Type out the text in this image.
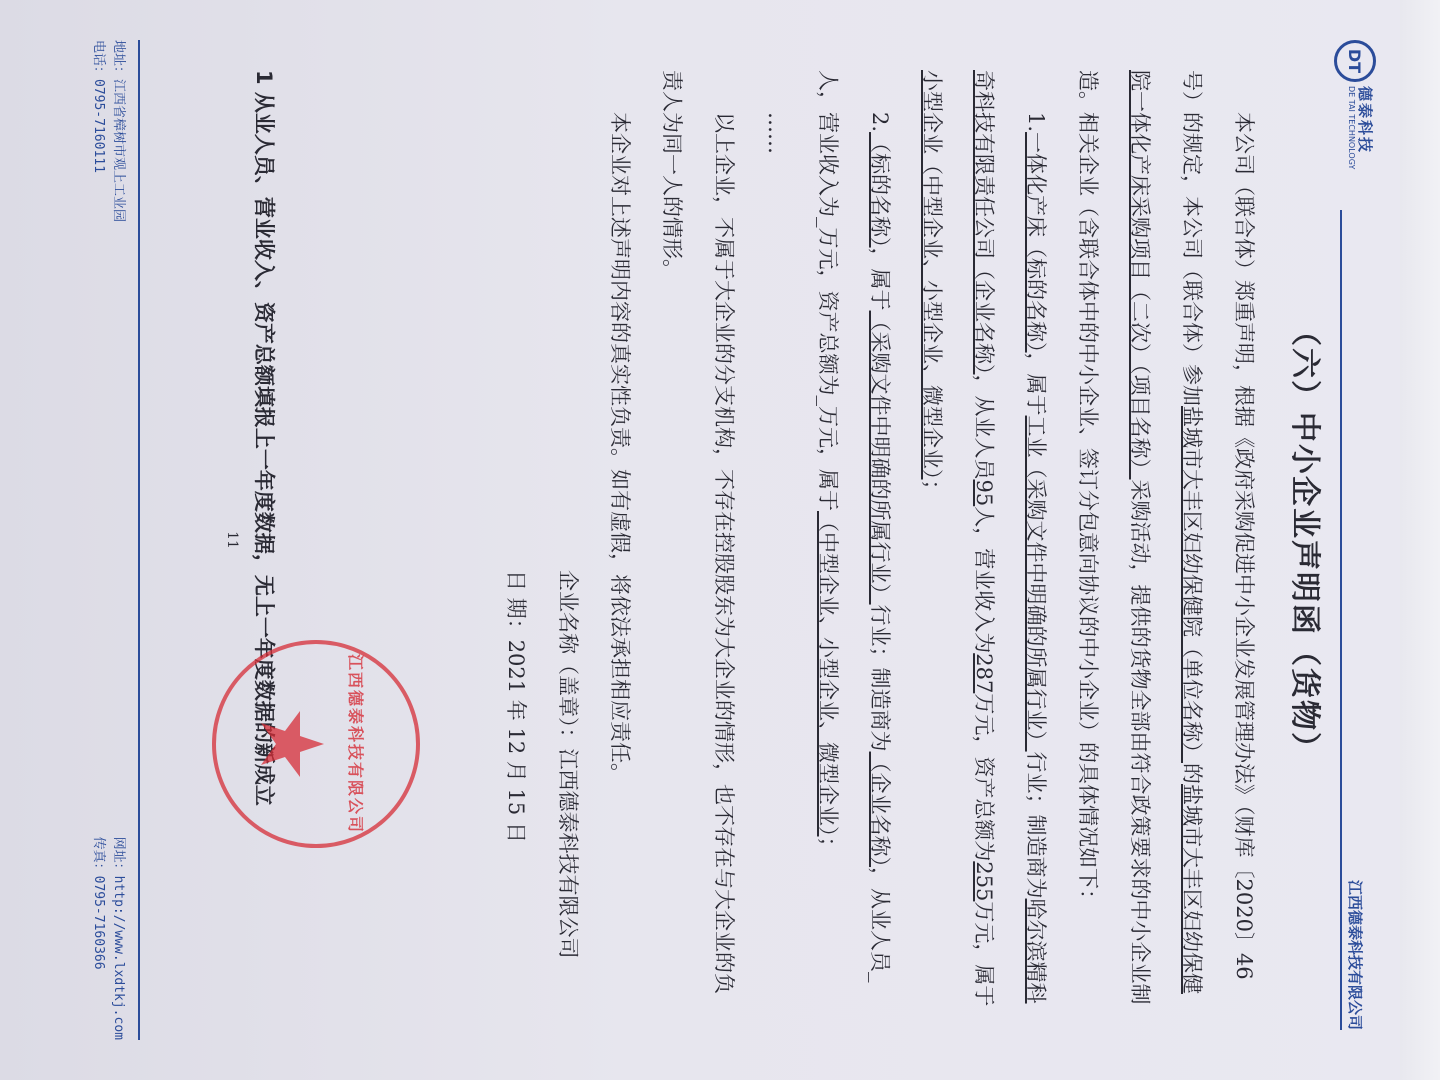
DT
德泰科技
DE TAI TECHNOLOGY
江西德泰科技有限公司
（六）中小企业声明函（货物）

本公司（联合体）郑重声明，根据《政府采购促进中小企业发展管理办法》（财库〔2020〕46 号）的规定，本公司（联合体）参加盐城市大丰区妇幼保健院（单位名称）的盐城市大丰区妇幼保健院一体化产床采购项目（二次）（项目名称）采购活动，提供的货物全部由符合政策要求的中小企业制造。相关企业（含联合体中的中小企业、签订分包意向协议的中小企业）的具体情况如下：

1.一体化产床（标的名称），属于工业（采购文件中明确的所属行业）行业；制造商为哈尔滨精科奇科技有限责任公司（企业名称），从业人员95人，营业收入为287万元，资产总额为255万元，属于小型企业（中型企业、小型企业、微型企业）；

2.（标的名称），属于（采购文件中明确的所属行业）行业；制造商为（企业名称），从业人员_人，营业收入为_万元，资产总额为_万元，属于（中型企业、小型企业、微型企业）；

……

以上企业，不属于大企业的分支机构，不存在控股股东为大企业的情形，也不存在与大企业的负责人为同一人的情形。

本企业对上述声明内容的真实性负责。如有虚假，将依法承担相应责任。

企业名称（盖章）：江西德泰科技有限公司

日 期：2021 年 12 月 15 日

1 从业人员、营业收入、资产总额填报上一年度数据，无上一年度数据的新成立
11
江西德泰科技有限公司
地址：江西省樟树市观上工业园
电话：0795-7160111
网址：http://www.lxdtkj.com
传真：0795-7160366
